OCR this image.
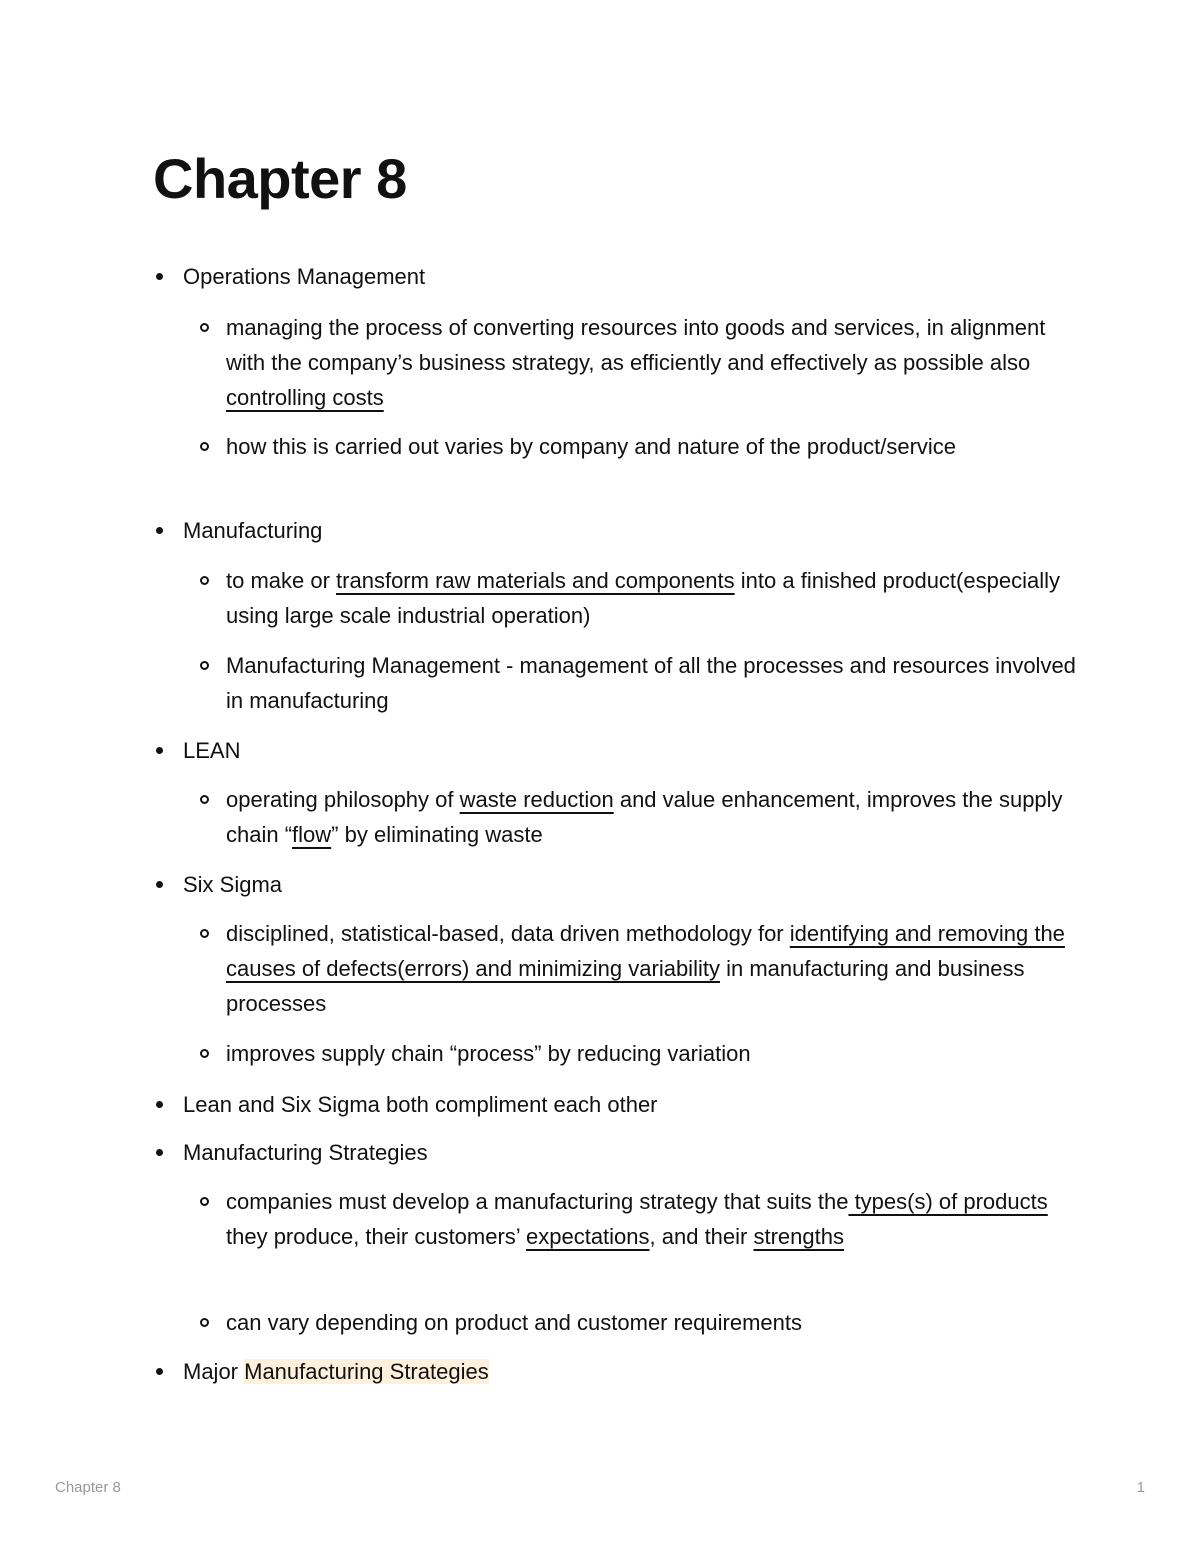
Chapter 8
Operations Management
managing the process of converting resources into goods and services, in alignment with the company’s business strategy, as efficiently and effectively as possible also controlling costs
how this is carried out varies by company and nature of the product/service
Manufacturing
to make or transform raw materials and components into a finished product(especially using large scale industrial operation)
Manufacturing Management - management of all the processes and resources involved in manufacturing
LEAN
operating philosophy of waste reduction and value enhancement, improves the supply chain “flow” by eliminating waste
Six Sigma
disciplined, statistical-based, data driven methodology for identifying and removing the causes of defects(errors) and minimizing variability in manufacturing and business processes
improves supply chain “process” by reducing variation
Lean and Six Sigma both compliment each other
Manufacturing Strategies
companies must develop a manufacturing strategy that suits the types(s) of products they produce, their customers’ expectations, and their strengths
can vary depending on product and customer requirements
Major Manufacturing Strategies
Chapter 8	1
